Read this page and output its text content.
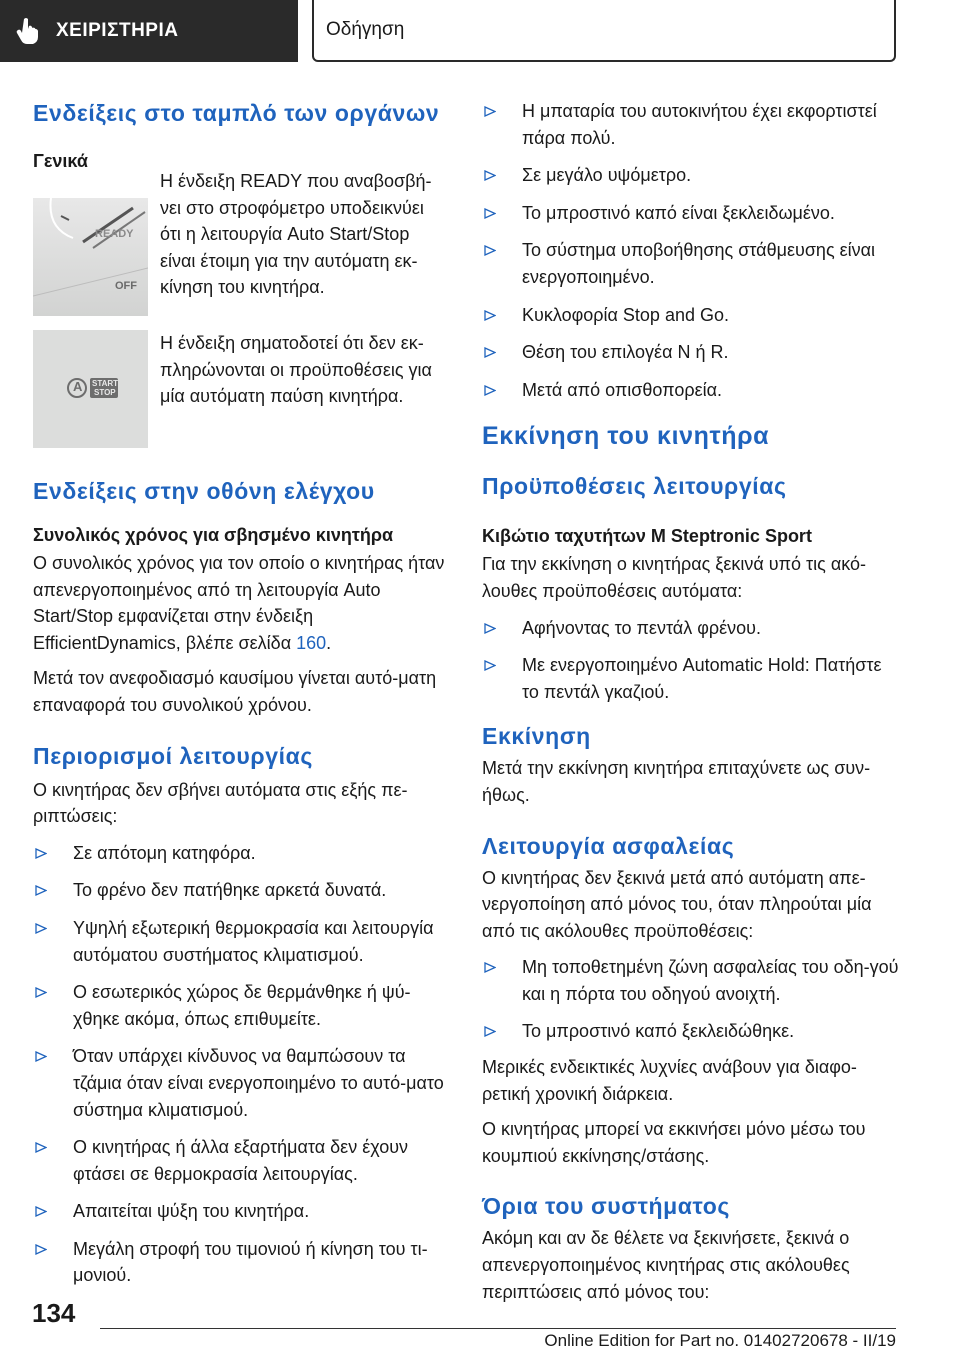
ΧΕΙΡΙΣΤΗΡΙΑ	Οδήγηση
Ενδείξεις στο ταμπλό των οργάνων
Γενικά
READY
OFF
Η ένδειξη READY που αναβοσβή-νει στο στροφόμετρο υποδεικνύει ότι η λειτουργία Auto Start/Stop είναι έτοιμη για την αυτόματη εκ-κίνηση του κινητήρα.
A START
STOP
Η ένδειξη σηματοδοτεί ότι δεν εκ-πληρώνονται οι προϋποθέσεις για μία αυτόματη παύση κινητήρα.
Ενδείξεις στην οθόνη ελέγχου
Συνολικός χρόνος για σβησμένο κινητήρα
Ο συνολικός χρόνος για τον οποίο ο κινητήρας ήταν απενεργοποιημένος από τη λειτουργία Auto Start/Stop εμφανίζεται στην ένδειξη EfficientDynamics, βλέπε σελίδα 160.
Μετά τον ανεφοδιασμό καυσίμου γίνεται αυτό-ματη επαναφορά του συνολικού χρόνου.
Περιορισμοί λειτουργίας
Ο κινητήρας δεν σβήνει αυτόματα στις εξής πε-ριπτώσεις:
Σε απότομη κατηφόρα.
Το φρένο δεν πατήθηκε αρκετά δυνατά.
Υψηλή εξωτερική θερμοκρασία και λειτουργία αυτόματου συστήματος κλιματισμού.
Ο εσωτερικός χώρος δε θερμάνθηκε ή ψύ-χθηκε ακόμα, όπως επιθυμείτε.
Όταν υπάρχει κίνδυνος να θαμπώσουν τα τζάμια όταν είναι ενεργοποιημένο το αυτό-ματο σύστημα κλιματισμού.
Ο κινητήρας ή άλλα εξαρτήματα δεν έχουν φτάσει σε θερμοκρασία λειτουργίας.
Απαιτείται ψύξη του κινητήρα.
Μεγάλη στροφή του τιμονιού ή κίνηση του τι-μονιού.
Η μπαταρία του αυτοκινήτου έχει εκφορτιστεί πάρα πολύ.
Σε μεγάλο υψόμετρο.
Το μπροστινό καπό είναι ξεκλειδωμένο.
Το σύστημα υποβοήθησης στάθμευσης είναι ενεργοποιημένο.
Κυκλοφορία Stop and Go.
Θέση του επιλογέα N ή R.
Μετά από οπισθοπορεία.
Εκκίνηση του κινητήρα
Προϋποθέσεις λειτουργίας
Κιβώτιο ταχυτήτων M Steptronic Sport
Για την εκκίνηση ο κινητήρας ξεκινά υπό τις ακό-λουθες προϋποθέσεις αυτόματα:
Αφήνοντας το πεντάλ φρένου.
Με ενεργοποιημένο Automatic Hold: Πατήστε το πεντάλ γκαζιού.
Εκκίνηση
Μετά την εκκίνηση κινητήρα επιταχύνετε ως συν-ήθως.
Λειτουργία ασφαλείας
Ο κινητήρας δεν ξεκινά μετά από αυτόματη απε-νεργοποίηση από μόνος του, όταν πληρούται μία από τις ακόλουθες προϋποθέσεις:
Μη τοποθετημένη ζώνη ασφαλείας του οδη-γού και η πόρτα του οδηγού ανοιχτή.
Το μπροστινό καπό ξεκλειδώθηκε.
Μερικές ενδεικτικές λυχνίες ανάβουν για διαφο-ρετική χρονική διάρκεια.
Ο κινητήρας μπορεί να εκκινήσει μόνο μέσω του κουμπιού εκκίνησης/στάσης.
Όρια του συστήματος
Ακόμη και αν δε θέλετε να ξεκινήσετε, ξεκινά ο απενεργοποιημένος κινητήρας στις ακόλουθες περιπτώσεις από μόνος του:
134
Online Edition for Part no. 01402720678 - II/19
